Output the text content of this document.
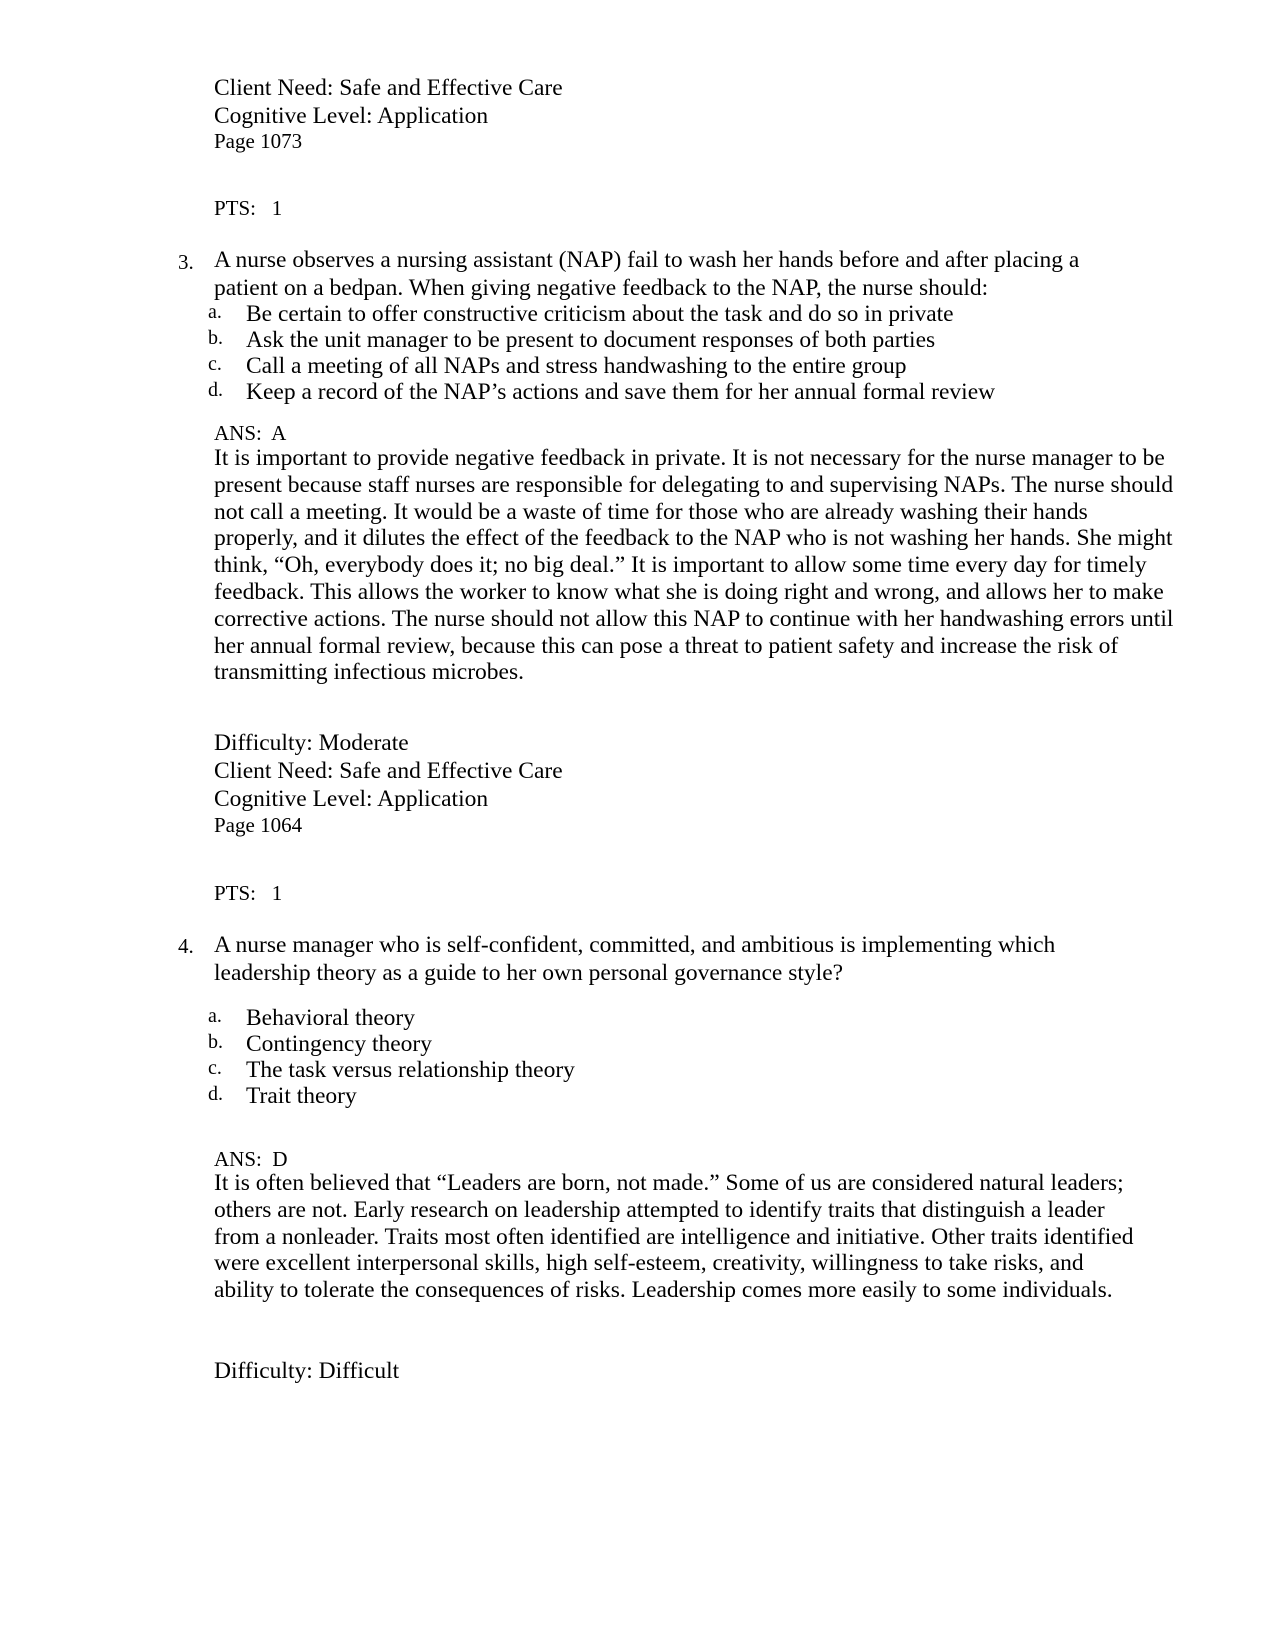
Client Need: Safe and Effective Care
Cognitive Level: Application
Page 1073
PTS:   1
3. A nurse observes a nursing assistant (NAP) fail to wash her hands before and after placing a patient on a bedpan. When giving negative feedback to the NAP, the nurse should:

a. Be certain to offer constructive criticism about the task and do so in private
b. Ask the unit manager to be present to document responses of both parties
c. Call a meeting of all NAPs and stress handwashing to the entire group
d. Keep a record of the NAP’s actions and save them for her annual formal review
ANS:  A

It is important to provide negative feedback in private. It is not necessary for the nurse manager to be present because staff nurses are responsible for delegating to and supervising NAPs. The nurse should not call a meeting. It would be a waste of time for those who are already washing their hands properly, and it dilutes the effect of the feedback to the NAP who is not washing her hands. She might think, “Oh, everybody does it; no big deal.” It is important to allow some time every day for timely feedback. This allows the worker to know what she is doing right and wrong, and allows her to make corrective actions. The nurse should not allow this NAP to continue with her handwashing errors until her annual formal review, because this can pose a threat to patient safety and increase the risk of transmitting infectious microbes.

Difficulty: Moderate
Client Need: Safe and Effective Care
Cognitive Level: Application
Page 1064
PTS:   1
4. A nurse manager who is self-confident, committed, and ambitious is implementing which leadership theory as a guide to her own personal governance style?

a. Behavioral theory
b. Contingency theory
c. The task versus relationship theory
d. Trait theory
ANS:  D

It is often believed that “Leaders are born, not made.” Some of us are considered natural leaders; others are not. Early research on leadership attempted to identify traits that distinguish a leader from a nonleader. Traits most often identified are intelligence and initiative. Other traits identified were excellent interpersonal skills, high self-esteem, creativity, willingness to take risks, and ability to tolerate the consequences of risks. Leadership comes more easily to some individuals.

Difficulty: Difficult
